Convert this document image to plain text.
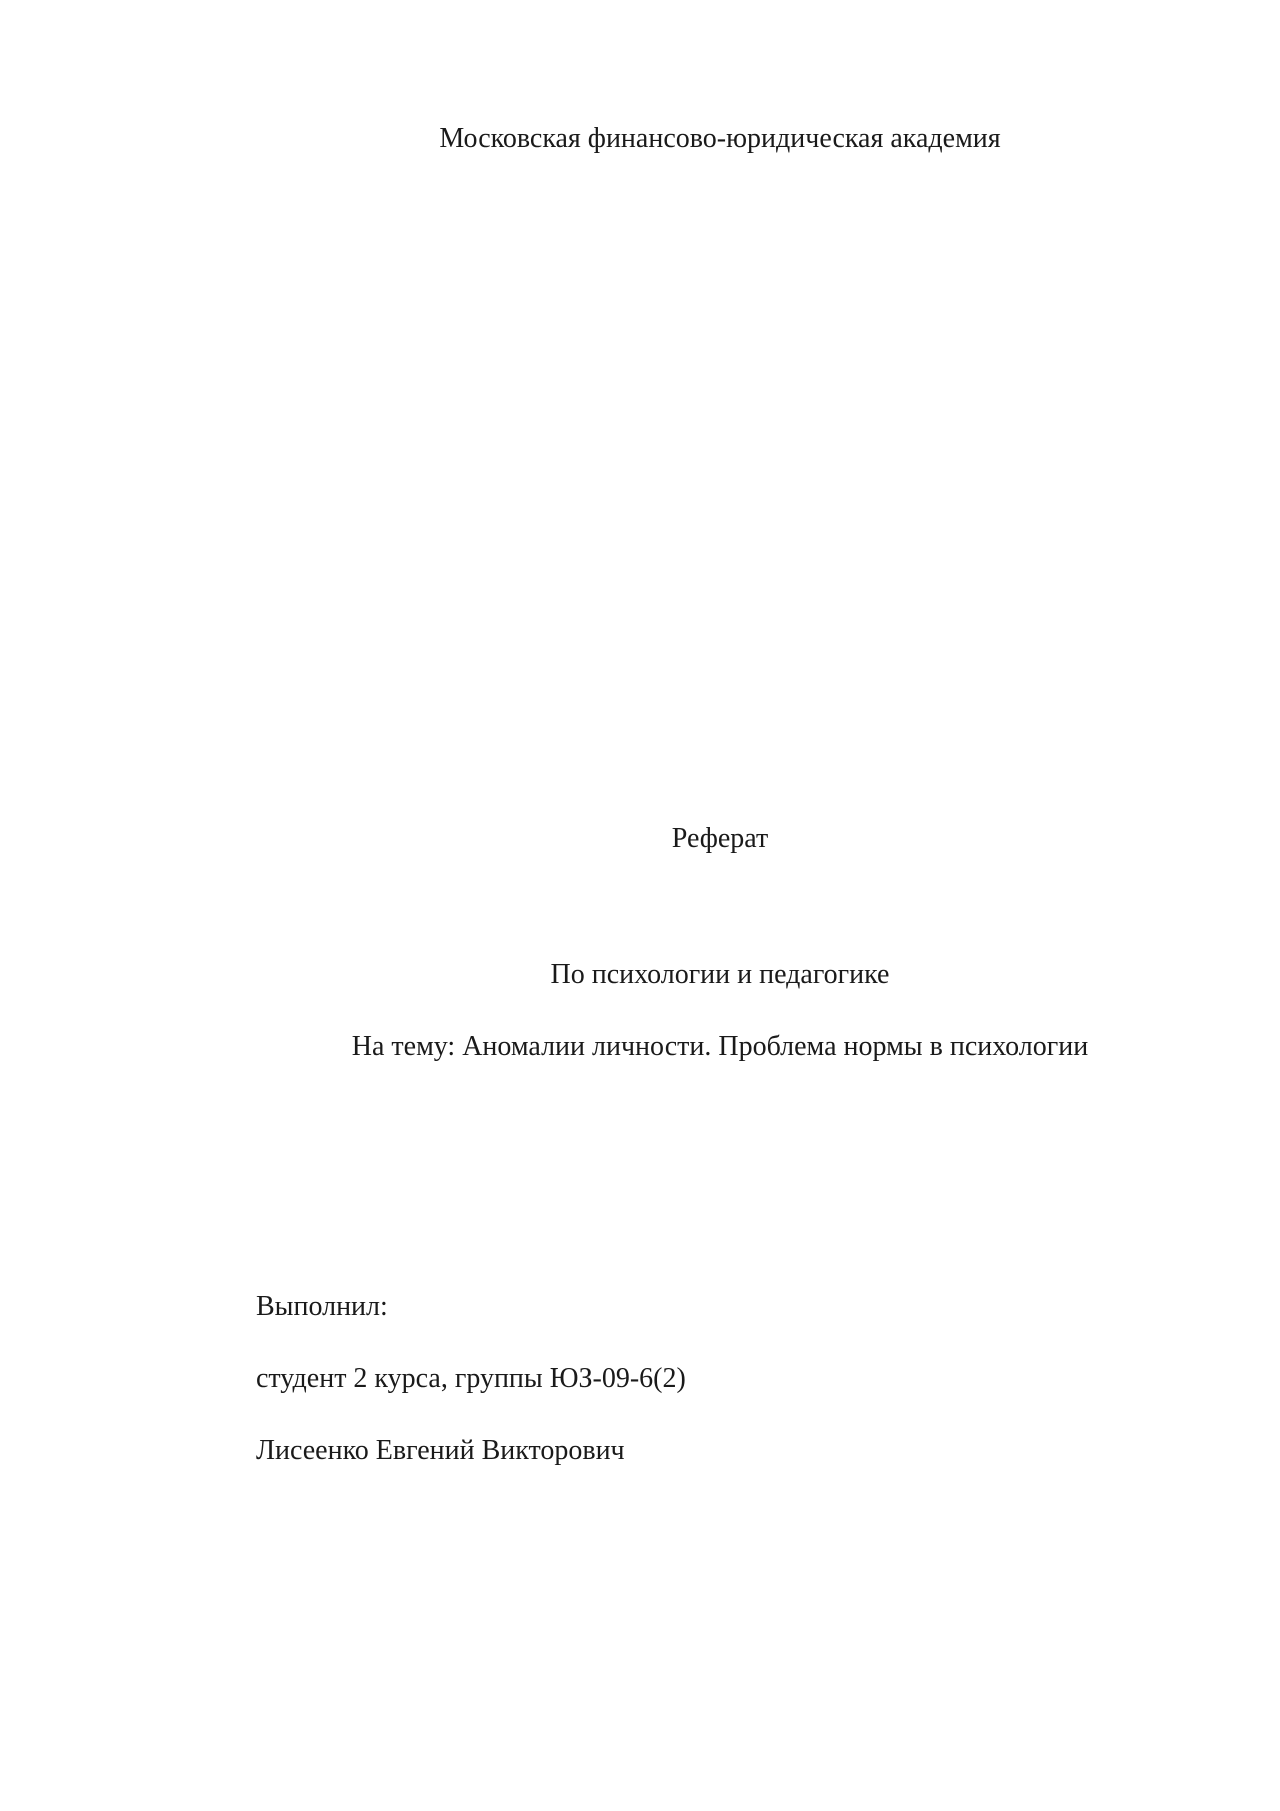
Московская финансово-юридическая академия
Реферат
По психологии и педагогике
На тему: Аномалии личности. Проблема нормы в психологии
Выполнил:
студент 2 курса, группы ЮЗ-09-6(2)
Лисеенко Евгений Викторович
